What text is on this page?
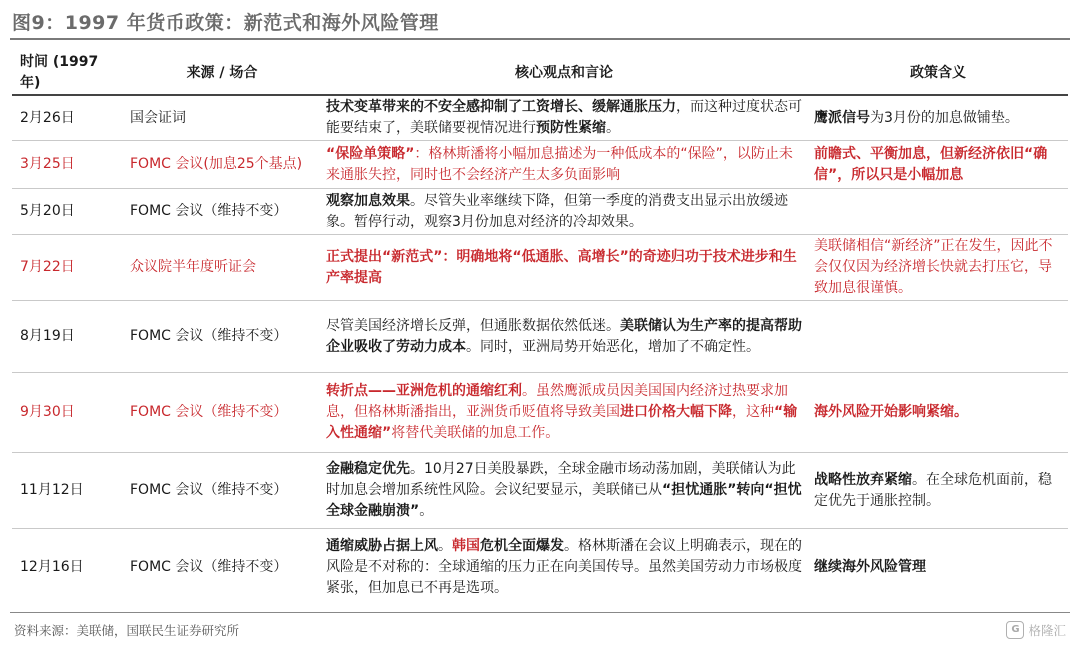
图9：1997 年货币政策：新范式和海外风险管理
时间 (1997年)	来源 / 场合	核心观点和言论	政策含义
2月26日	国会证词	技术变革带来的不安全感抑制了工资增长、缓解通胀压力，而这种过度状态可能要结束了，美联储要视情况进行预防性紧缩。	鹰派信号为3月份的加息做铺垫。
3月25日	FOMC 会议(加息25个基点)	“保险单策略”：格林斯潘将小幅加息描述为一种低成本的“保险”，以防止未来通胀失控，同时也不会经济产生太多负面影响	前瞻式、平衡加息，但新经济依旧“确信”，所以只是小幅加息
5月20日	FOMC 会议（维持不变）	观察加息效果。尽管失业率继续下降，但第一季度的消费支出显示出放缓迹象。暂停行动，观察3月份加息对经济的冷却效果。	
7月22日	众议院半年度听证会	正式提出“新范式”：明确地将“低通胀、高增长”的奇迹归功于技术进步和生产率提高	美联储相信“新经济”正在发生，因此不会仅仅因为经济增长快就去打压它，导致加息很谨慎。
8月19日	FOMC 会议（维持不变）	尽管美国经济增长反弹，但通胀数据依然低迷。美联储认为生产率的提高帮助企业吸收了劳动力成本。同时，亚洲局势开始恶化，增加了不确定性。	
9月30日	FOMC 会议（维持不变）	转折点——亚洲危机的通缩红利。虽然鹰派成员因美国国内经济过热要求加息，但格林斯潘指出，亚洲货币贬值将导致美国进口价格大幅下降，这种“输入性通缩”将替代美联储的加息工作。	海外风险开始影响紧缩。
11月12日	FOMC 会议（维持不变）	金融稳定优先。10月27日美股暴跌，全球金融市场动荡加剧，美联储认为此时加息会增加系统性风险。会议纪要显示，美联储已从“担忧通胀”转向“担忧全球金融崩溃”。	战略性放弃紧缩。在全球危机面前，稳定优先于通胀控制。
12月16日	FOMC 会议（维持不变）	通缩威胁占据上风。韩国危机全面爆发。格林斯潘在会议上明确表示，现在的风险是不对称的：全球通缩的压力正在向美国传导。虽然美国劳动力市场极度紧张，但加息已不再是选项。	继续海外风险管理
资料来源：美联储，国联民生证券研究所	G 格隆汇
